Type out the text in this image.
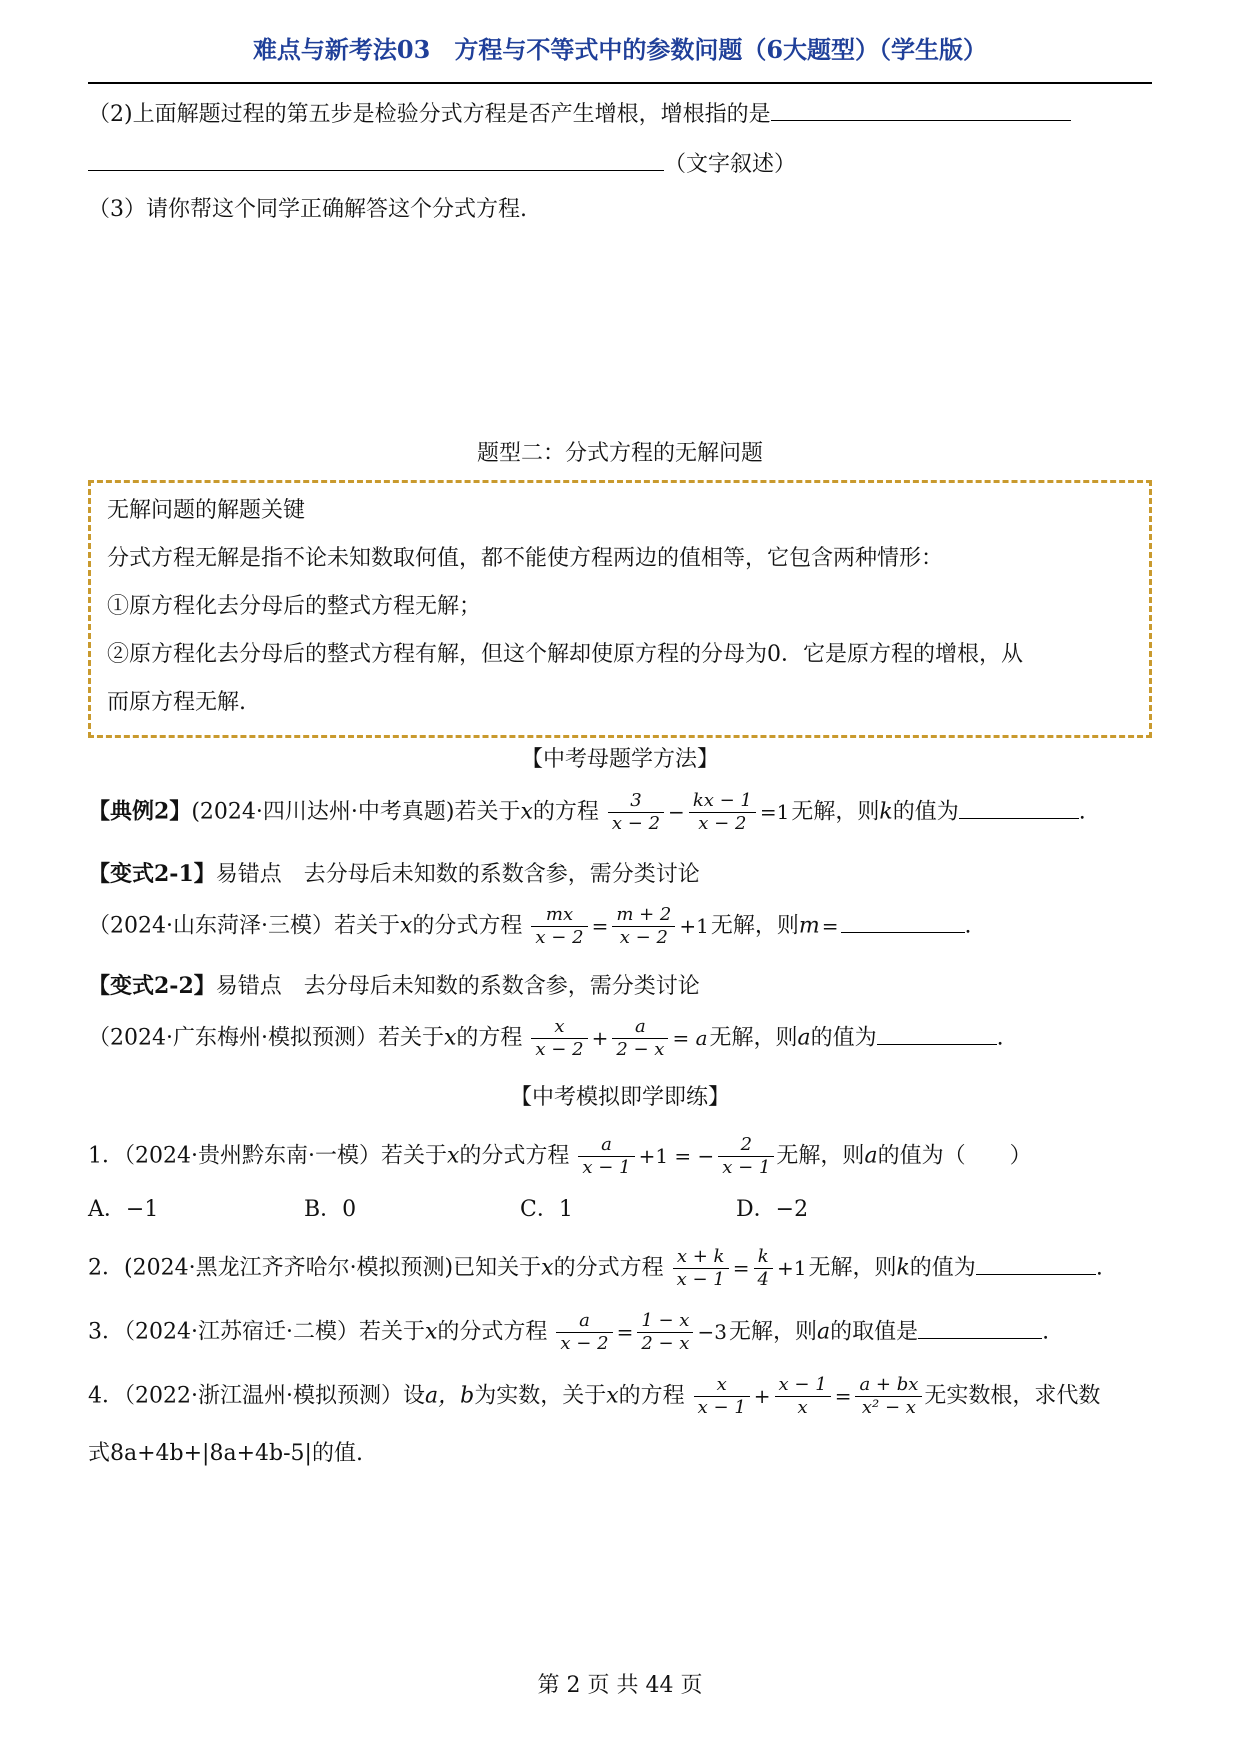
难点与新考法03　方程与不等式中的参数问题（6大题型）（学生版）
（2)上面解题过程的第五步是检验分式方程是否产生增根，增根指的是
（文字叙述）
（3）请你帮这个同学正确解答这个分式方程.
题型二：分式方程的无解问题
无解问题的解题关键
分式方程无解是指不论未知数取何值，都不能使方程两边的值相等，它包含两种情形：
①原方程化去分母后的整式方程无解；
②原方程化去分母后的整式方程有解，但这个解却使原方程的分母为0．它是原方程的增根，从
而原方程无解.
【中考母题学方法】
【典例2】(2024·四川达州·中考真题)若关于x的方程 $\frac{3}{x - 2} - \frac{kx - 1}{x - 2} =1$无解，则k的值为	.
【变式2-1】易错点　去分母后未知数的系数含参，需分类讨论
（2024·山东菏泽·三模）若关于x的分式方程 $\frac{mx}{x - 2} = \frac{m + 2}{x - 2} +1$无解，则m =	.
【变式2-2】易错点　去分母后未知数的系数含参，需分类讨论
（2024·广东梅州·模拟预测）若关于x的方程 $\frac{x}{x - 2} + \frac{a}{2 - x} = a$无解，则a的值为	.
【中考模拟即学即练】
1．（2024·贵州黔东南·一模）若关于x的分式方程 $\frac{a}{x - 1} +1$ = − $\frac{2}{x - 1}$ 无解，则a的值为（　　）
A．−1	B．0	C．1	D．−2
2．(2024·黑龙江齐齐哈尔·模拟预测)已知关于x的分式方程 $\frac{x + k}{x - 1} = \frac{k}{4} +1$无解，则k的值为	.
3．（2024·江苏宿迁·二模）若关于x的分式方程 $\frac{a}{x - 2} = \frac{1 - x}{2 - x} -3$无解，则a的取值是	.
4．（2022·浙江温州·模拟预测）设a，b为实数，关于x的方程 $\frac{x}{x - 1} + \frac{x - 1}{x} = \frac{a + bx}{\text{x² − x}}$ 无实数根，求代数
式8a+4b+|8a+4b-5|的值.
第 2 页 共 44 页
